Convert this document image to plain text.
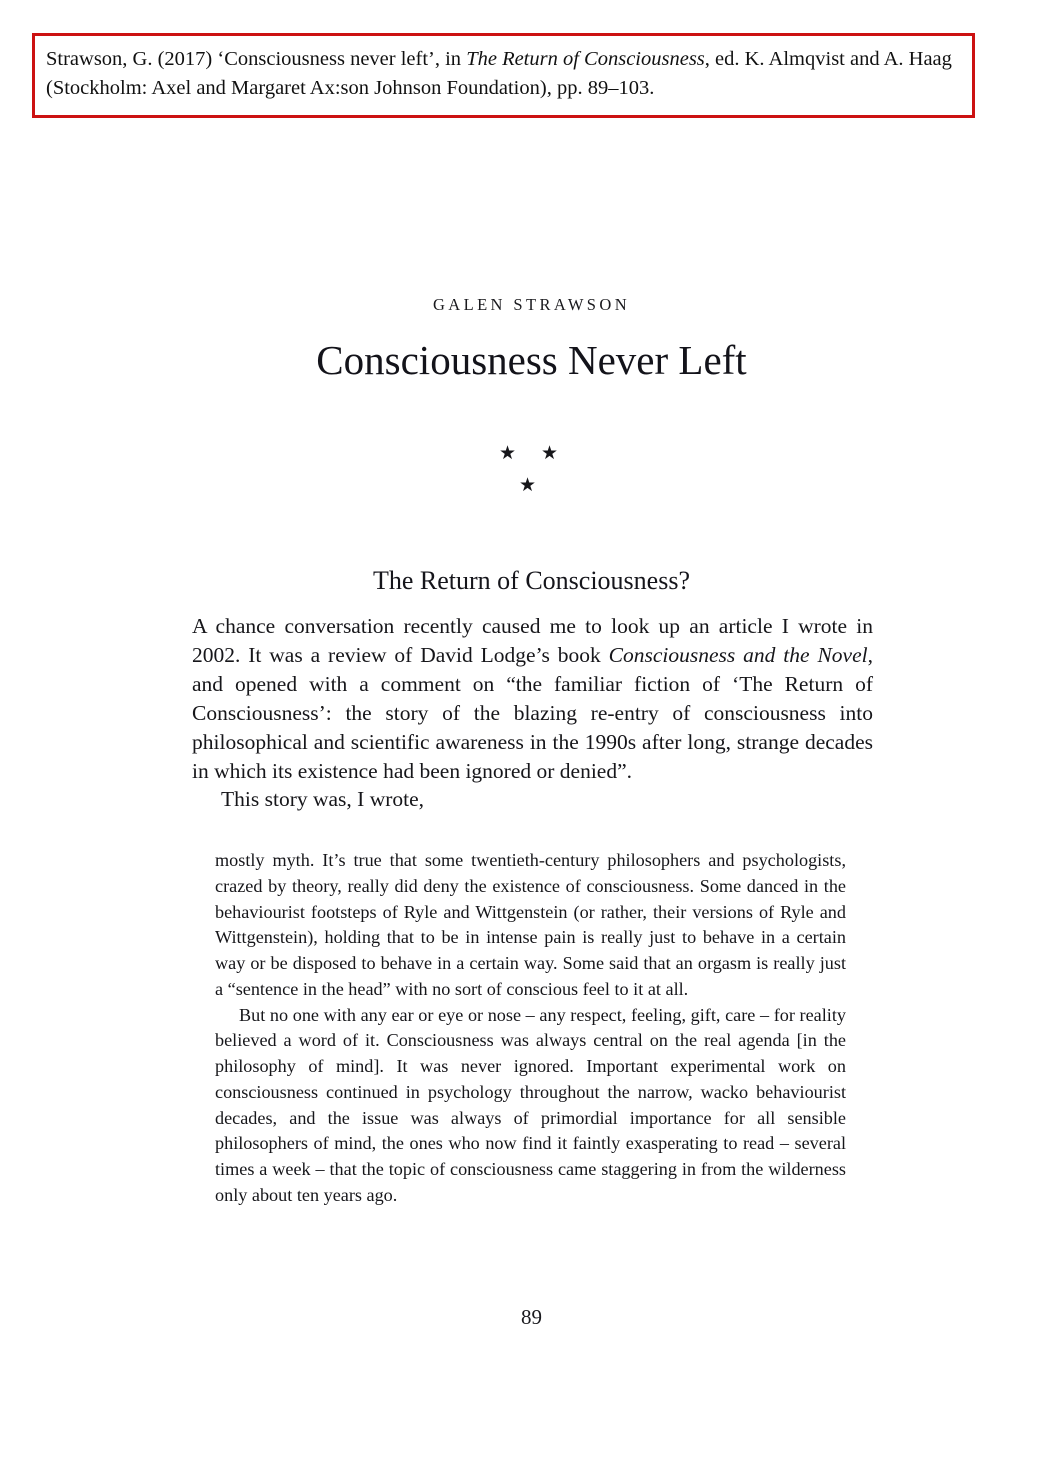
Strawson, G. (2017) ‘Consciousness never left’, in The Return of Consciousness, ed. K. Almqvist and A. Haag (Stockholm: Axel and Margaret Ax:son Johnson Foundation), pp. 89–103.

GALEN STRAWSON
Consciousness Never Left
★ ★
★
The Return of Consciousness?

A chance conversation recently caused me to look up an article I wrote in 2002. It was a review of David Lodge’s book Consciousness and the Novel, and opened with a comment on “the familiar fiction of ‘The Return of Consciousness’: the story of the blazing re-entry of consciousness into philosophical and scientific awareness in the 1990s after long, strange decades in which its existence had been ignored or denied”.

This story was, I wrote,

mostly myth. It’s true that some twentieth-century philosophers and psychologists, crazed by theory, really did deny the existence of consciousness. Some danced in the behaviourist footsteps of Ryle and Wittgenstein (or rather, their versions of Ryle and Wittgenstein), holding that to be in intense pain is really just to behave in a certain way or be disposed to behave in a certain way. Some said that an orgasm is really just a “sentence in the head” with no sort of conscious feel to it at all.

But no one with any ear or eye or nose – any respect, feeling, gift, care – for reality believed a word of it. Consciousness was always central on the real agenda [in the philosophy of mind]. It was never ignored. Important experimental work on consciousness continued in psychology throughout the narrow, wacko behaviourist decades, and the issue was always of primordial importance for all sensible philosophers of mind, the ones who now find it faintly exasperating to read – several times a week – that the topic of consciousness came staggering in from the wilderness only about ten years ago.

89
